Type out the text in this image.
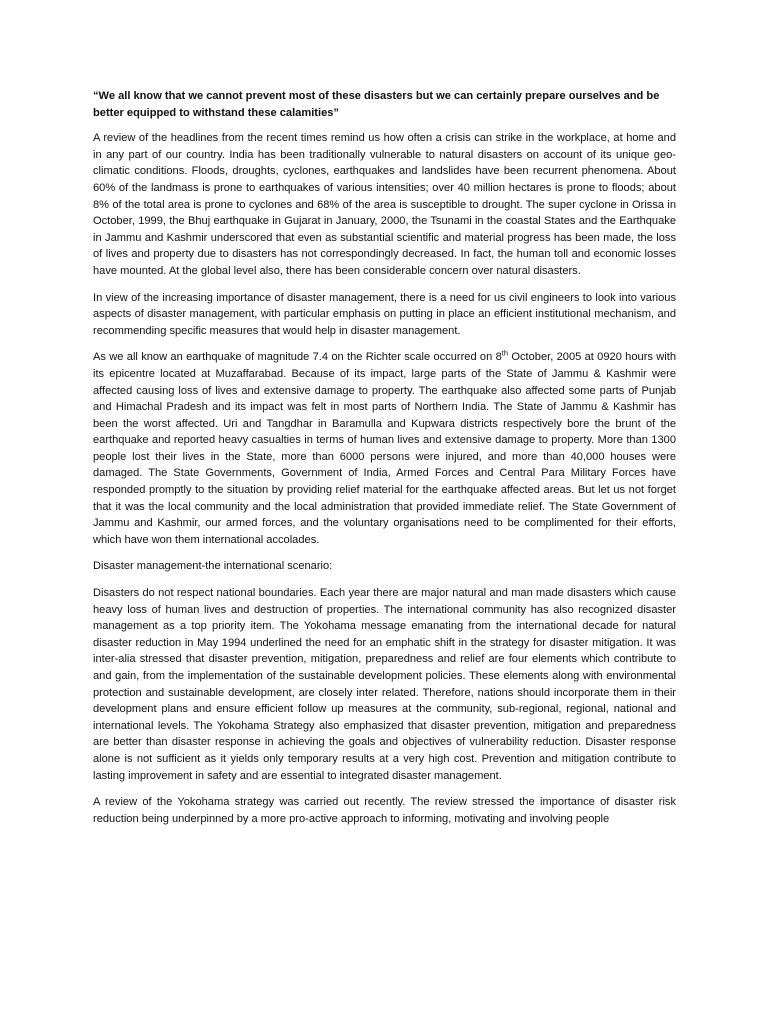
“We all know that we cannot prevent most of these disasters but we can certainly prepare ourselves and be better equipped to withstand these calamities”

A review of the headlines from the recent times remind us how often a crisis can strike in the workplace, at home and in any part of our country. India has been traditionally vulnerable to natural disasters on account of its unique geo-climatic conditions. Floods, droughts, cyclones, earthquakes and landslides have been recurrent phenomena. About 60% of the landmass is prone to earthquakes of various intensities; over 40 million hectares is prone to floods; about 8% of the total area is prone to cyclones and 68% of the area is susceptible to drought. The super cyclone in Orissa in October, 1999, the Bhuj earthquake in Gujarat in January, 2000, the Tsunami in the coastal States and the Earthquake in Jammu and Kashmir underscored that even as substantial scientific and material progress has been made, the loss of lives and property due to disasters has not correspondingly decreased. In fact, the human toll and economic losses have mounted. At the global level also, there has been considerable concern over natural disasters.

In view of the increasing importance of disaster management, there is a need for us civil engineers to look into various aspects of disaster management, with particular emphasis on putting in place an efficient institutional mechanism, and recommending specific measures that would help in disaster management.

As we all know an earthquake of magnitude 7.4 on the Richter scale occurred on 8th October, 2005 at 0920 hours with its epicentre located at Muzaffarabad. Because of its impact, large parts of the State of Jammu & Kashmir were affected causing loss of lives and extensive damage to property. The earthquake also affected some parts of Punjab and Himachal Pradesh and its impact was felt in most parts of Northern India. The State of Jammu & Kashmir has been the worst affected. Uri and Tangdhar in Baramulla and Kupwara districts respectively bore the brunt of the earthquake and reported heavy casualties in terms of human lives and extensive damage to property. More than 1300 people lost their lives in the State, more than 6000 persons were injured, and more than 40,000 houses were damaged. The State Governments, Government of India, Armed Forces and Central Para Military Forces have responded promptly to the situation by providing relief material for the earthquake affected areas. But let us not forget that it was the local community and the local administration that provided immediate relief. The State Government of Jammu and Kashmir, our armed forces, and the voluntary organisations need to be complimented for their efforts, which have won them international accolades.

Disaster management-the international scenario:

Disasters do not respect national boundaries. Each year there are major natural and man made disasters which cause heavy loss of human lives and destruction of properties. The international community has also recognized disaster management as a top priority item. The Yokohama message emanating from the international decade for natural disaster reduction in May 1994 underlined the need for an emphatic shift in the strategy for disaster mitigation. It was inter-alia stressed that disaster prevention, mitigation, preparedness and relief are four elements which contribute to and gain, from the implementation of the sustainable development policies. These elements along with environmental protection and sustainable development, are closely inter related. Therefore, nations should incorporate them in their development plans and ensure efficient follow up measures at the community, sub-regional, regional, national and international levels. The Yokohama Strategy also emphasized that disaster prevention, mitigation and preparedness are better than disaster response in achieving the goals and objectives of vulnerability reduction. Disaster response alone is not sufficient as it yields only temporary results at a very high cost. Prevention and mitigation contribute to lasting improvement in safety and are essential to integrated disaster management.

A review of the Yokohama strategy was carried out recently. The review stressed the importance of disaster risk reduction being underpinned by a more pro-active approach to informing, motivating and involving people
